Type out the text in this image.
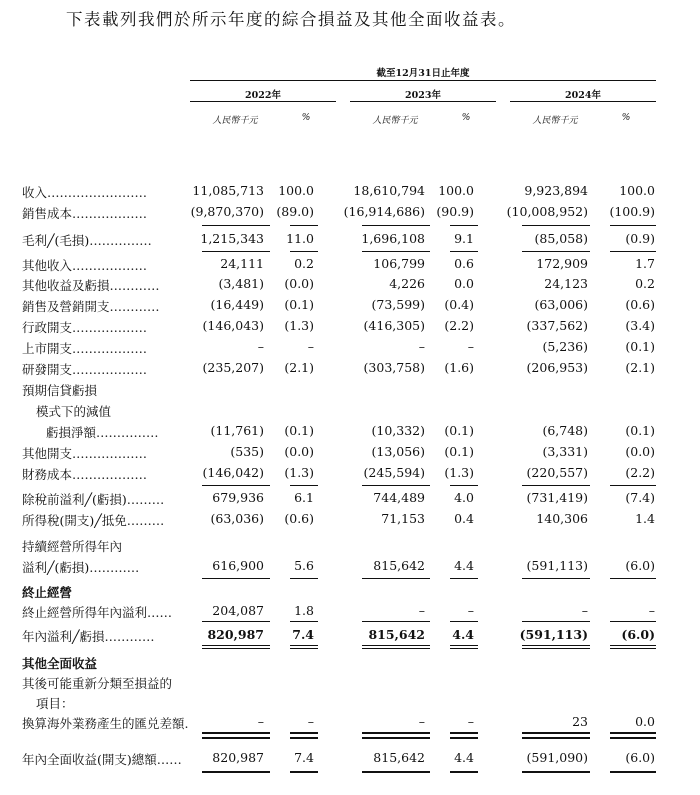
下表載列我們於所示年度的綜合損益及其他全面收益表。
截至12月31日止年度
2022年	2023年	2024年
人民幣千元	%	人民幣千元	%	人民幣千元	%
收入……………………	11,085,713 100.0	18,610,794 100.0	9,923,894 100.0
銷售成本………………	(9,870,370) (89.0) (16,914,686) (90.9)	(10,008,952) (100.9)
毛利╱(毛損)……………	1,215,343 11.0	1,696,108 9.1	(85,058)	(0.9)
其他收入………………	24,111 0.2	106,799 0.6	172,909	1.7
其他收益及虧損…………	(3,481) (0.0)	4,226 0.0	24,123	0.2
銷售及營銷開支…………	(16,449) (0.1)	(73,599) (0.4)	(63,006)	(0.6)
行政開支………………	(146,043) (1.3)	(416,305) (2.2)	(337,562)	(3.4)
上市開支………………	–	–	–	–	(5,236)	(0.1)
研發開支………………	(235,207) (2.1)	(303,758) (1.6)	(206,953)	(2.1)
預期信貸虧損
模式下的減值
虧損淨額……………	(11,761) (0.1)	(10,332) (0.1)	(6,748)	(0.1)
其他開支………………	(535) (0.0)	(13,056) (0.1)	(3,331)	(0.0)
財務成本………………	(146,042) (1.3)	(245,594) (1.3)	(220,557)	(2.2)
除稅前溢利╱(虧損)………	679,936 6.1	744,489 4.0	(731,419)	(7.4)
所得稅(開支)╱抵免………	(63,036) (0.6)	71,153 0.4	140,306	1.4
持續經營所得年內
溢利╱(虧損)…………	616,900 5.6	815,642 4.4	(591,113)	(6.0)
終止經營
終止經營所得年內溢利……	204,087 1.8	–	–	–	–
年內溢利╱虧損…………	820,987 7.4	815,642 4.4	(591,113)	(6.0)
其他全面收益
其後可能重新分類至損益的
項目：
換算海外業務產生的匯兑差額.	–	–	–	–	23	0.0
年內全面收益(開支)總額…… 820,987 7.4	815,642 4.4	(591,090)	(6.0)
